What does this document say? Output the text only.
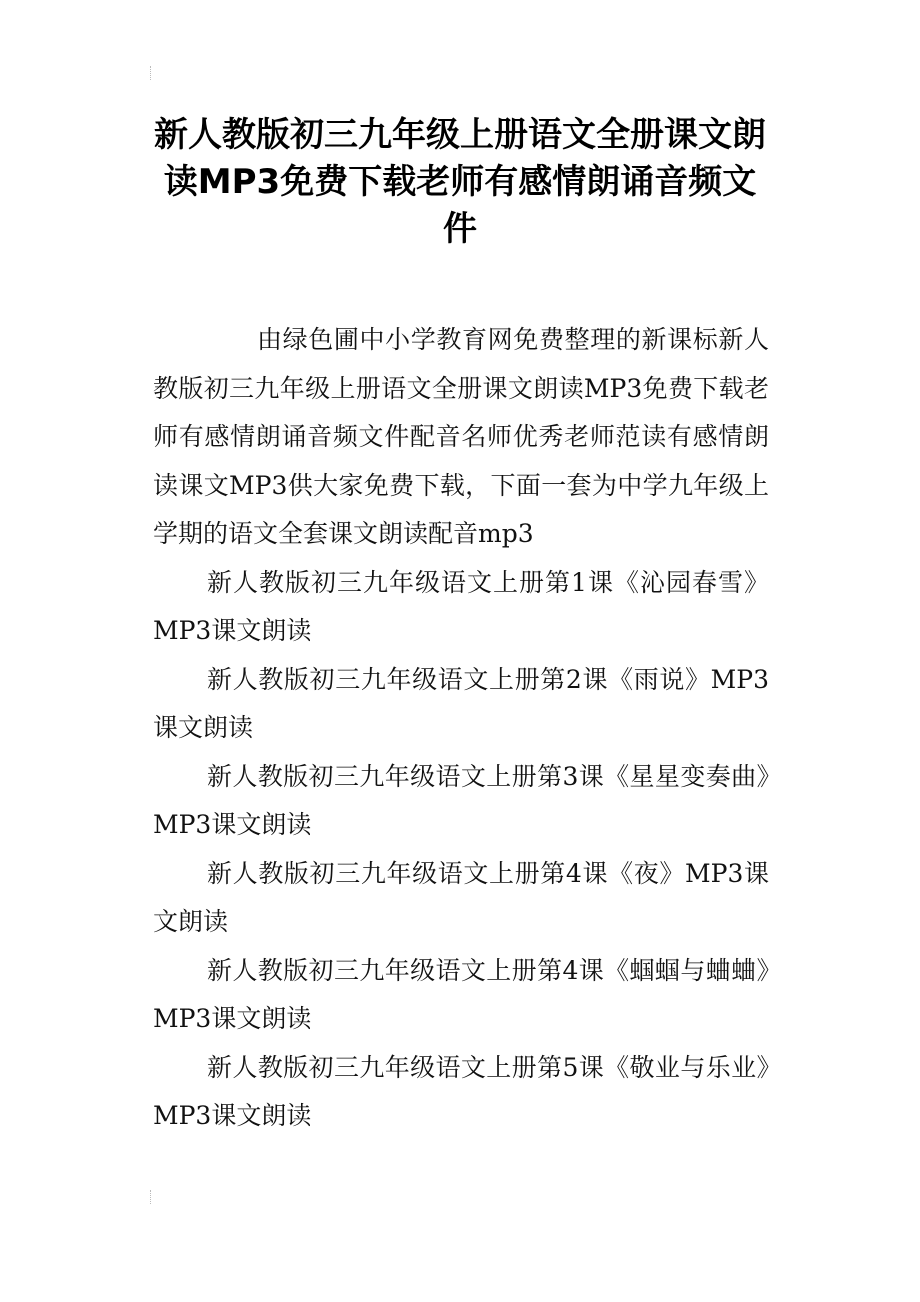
新人教版初三九年级上册语文全册课文朗读MP3免费下载老师有感情朗诵音频文件

由绿色圃中小学教育网免费整理的新课标新人教版初三九年级上册语文全册课文朗读MP3免费下载老师有感情朗诵音频文件配音名师优秀老师范读有感情朗读课文MP3供大家免费下载，下面一套为中学九年级上学期的语文全套课文朗读配音mp3

新人教版初三九年级语文上册第1课《沁园春雪》MP3课文朗读

新人教版初三九年级语文上册第2课《雨说》MP3课文朗读

新人教版初三九年级语文上册第3课《星星变奏曲》MP3课文朗读

新人教版初三九年级语文上册第4课《夜》MP3课文朗读

新人教版初三九年级语文上册第4课《蝈蝈与蛐蛐》MP3课文朗读

新人教版初三九年级语文上册第5课《敬业与乐业》MP3课文朗读
